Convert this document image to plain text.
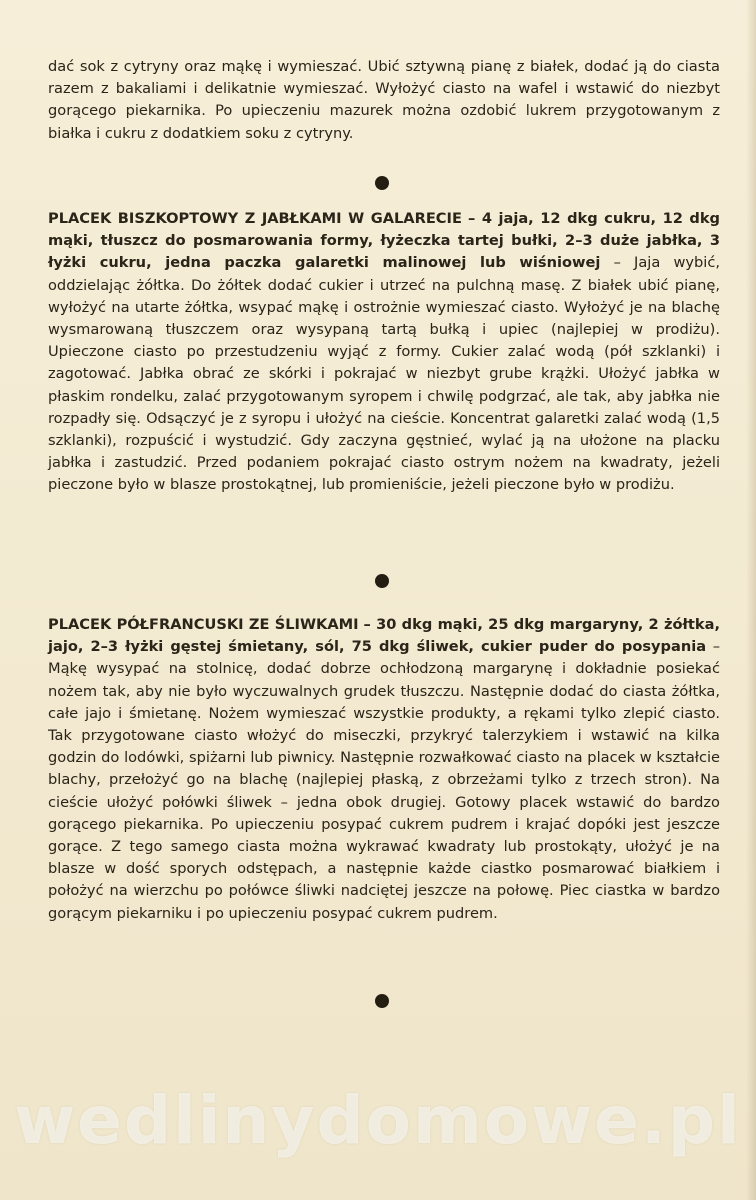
dać sok z cytryny oraz mąkę i wymieszać. Ubić sztywną pianę z białek, dodać ją do ciasta razem z bakaliami i delikatnie wymieszać. Wyłożyć ciasto na wafel i wstawić do niezbyt gorącego piekarnika. Po upieczeniu mazurek można ozdobić lukrem przygotowanym z białka i cukru z dodatkiem soku z cytryny.

PLACEK BISZKOPTOWY Z JABŁKAMI W GALARECIE – 4 jaja, 12 dkg cukru, 12 dkg mąki, tłuszcz do posmarowania formy, łyżeczka tartej bułki, 2–3 duże jabłka, 3 łyżki cukru, jedna paczka galaretki malinowej lub wiśniowej – Jaja wybić, oddzielając żółtka. Do żółtek dodać cukier i utrzeć na pulchną masę. Z białek ubić pianę, wyłożyć na utarte żółtka, wsypać mąkę i ostrożnie wymieszać ciasto. Wyłożyć je na blachę wysmarowaną tłuszczem oraz wysypaną tartą bułką i upiec (najlepiej w prodiżu). Upieczone ciasto po przestudzeniu wyjąć z formy. Cukier zalać wodą (pół szklanki) i zagotować. Jabłka obrać ze skórki i pokrajać w niezbyt grube krążki. Ułożyć jabłka w płaskim rondelku, zalać przygotowanym syropem i chwilę podgrzać, ale tak, aby jabłka nie rozpadły się. Odsączyć je z syropu i ułożyć na cieście. Koncentrat galaretki zalać wodą (1,5 szklanki), rozpuścić i wystudzić. Gdy zaczyna gęstnieć, wylać ją na ułożone na placku jabłka i zastudzić. Przed podaniem pokrajać ciasto ostrym nożem na kwadraty, jeżeli pieczone było w blasze prostokątnej, lub promieniście, jeżeli pieczone było w prodiżu.

PLACEK PÓŁFRANCUSKI ZE ŚLIWKAMI – 30 dkg mąki, 25 dkg margaryny, 2 żółtka, jajo, 2–3 łyżki gęstej śmietany, sól, 75 dkg śliwek, cukier puder do posypania – Mąkę wysypać na stolnicę, dodać dobrze ochłodzoną margarynę i dokładnie posiekać nożem tak, aby nie było wyczuwalnych grudek tłuszczu. Następnie dodać do ciasta żółtka, całe jajo i śmietanę. Nożem wymieszać wszystkie produkty, a rękami tylko zlepić ciasto. Tak przygotowane ciasto włożyć do miseczki, przykryć talerzykiem i wstawić na kilka godzin do lodówki, spiżarni lub piwnicy. Następnie rozwałkować ciasto na placek w kształcie blachy, przełożyć go na blachę (najlepiej płaską, z obrzeżami tylko z trzech stron). Na cieście ułożyć połówki śliwek – jedna obok drugiej. Gotowy placek wstawić do bardzo gorącego piekarnika. Po upieczeniu posypać cukrem pudrem i krajać dopóki jest jeszcze gorące. Z tego samego ciasta można wykrawać kwadraty lub prostokąty, ułożyć je na blasze w dość sporych odstępach, a następnie każde ciastko posmarować białkiem i położyć na wierzchu po połówce śliwki nadciętej jeszcze na połowę. Piec ciastka w bardzo gorącym piekarniku i po upieczeniu posypać cukrem pudrem.

wedlinydomowe.pl
